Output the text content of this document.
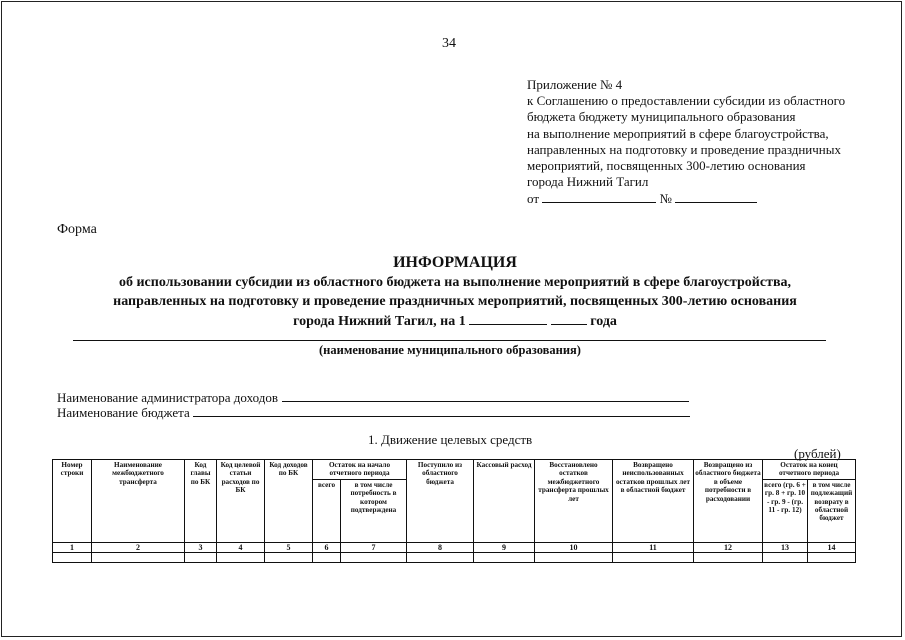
34
Приложение № 4
к Соглашению о предоставлении субсидии из областного
бюджета бюджету муниципального образования
на выполнение мероприятий в сфере благоустройства,
направленных на подготовку и проведение праздничных
мероприятий, посвященных 300-летию основания
города Нижний Тагил
от	№
Форма
ИНФОРМАЦИЯ
об использовании субсидии из областного бюджета на выполнение мероприятий в сфере благоустройства,
направленных на подготовку и проведение праздничных мероприятий, посвященных 300-летию основания
города Нижний Тагил, на 1	года
(наименование муниципального образования)
Наименование администратора доходов
Наименование бюджета
1. Движение целевых средств
(рублей)
Номер строки	Наименование межбюджетного трансферта	Код главы по БК	Код целевой статьи расходов по БК	Код доходов по БК	Остаток на начало отчетного периода		Поступило из областного бюджета	Кассовый расход	Восстановлено остатков межбюджетного трансферта прошлых лет	Возвращено неиспользованных остатков прошлых лет в областной бюджет	Возвращено из областного бюджета в объеме потребности в расходовании	Остаток на конец отчетного периода	
					всего	в том числе потребность в котором подтверждена						всего (гр. 6 + гр. 8 + гр. 10 - гр. 9 - (гр. 11 - гр. 12)	в том числе подлежащий возврату в областной бюджет
1	2	3	4	5	6	7	8	9	10	11	12	13	14
